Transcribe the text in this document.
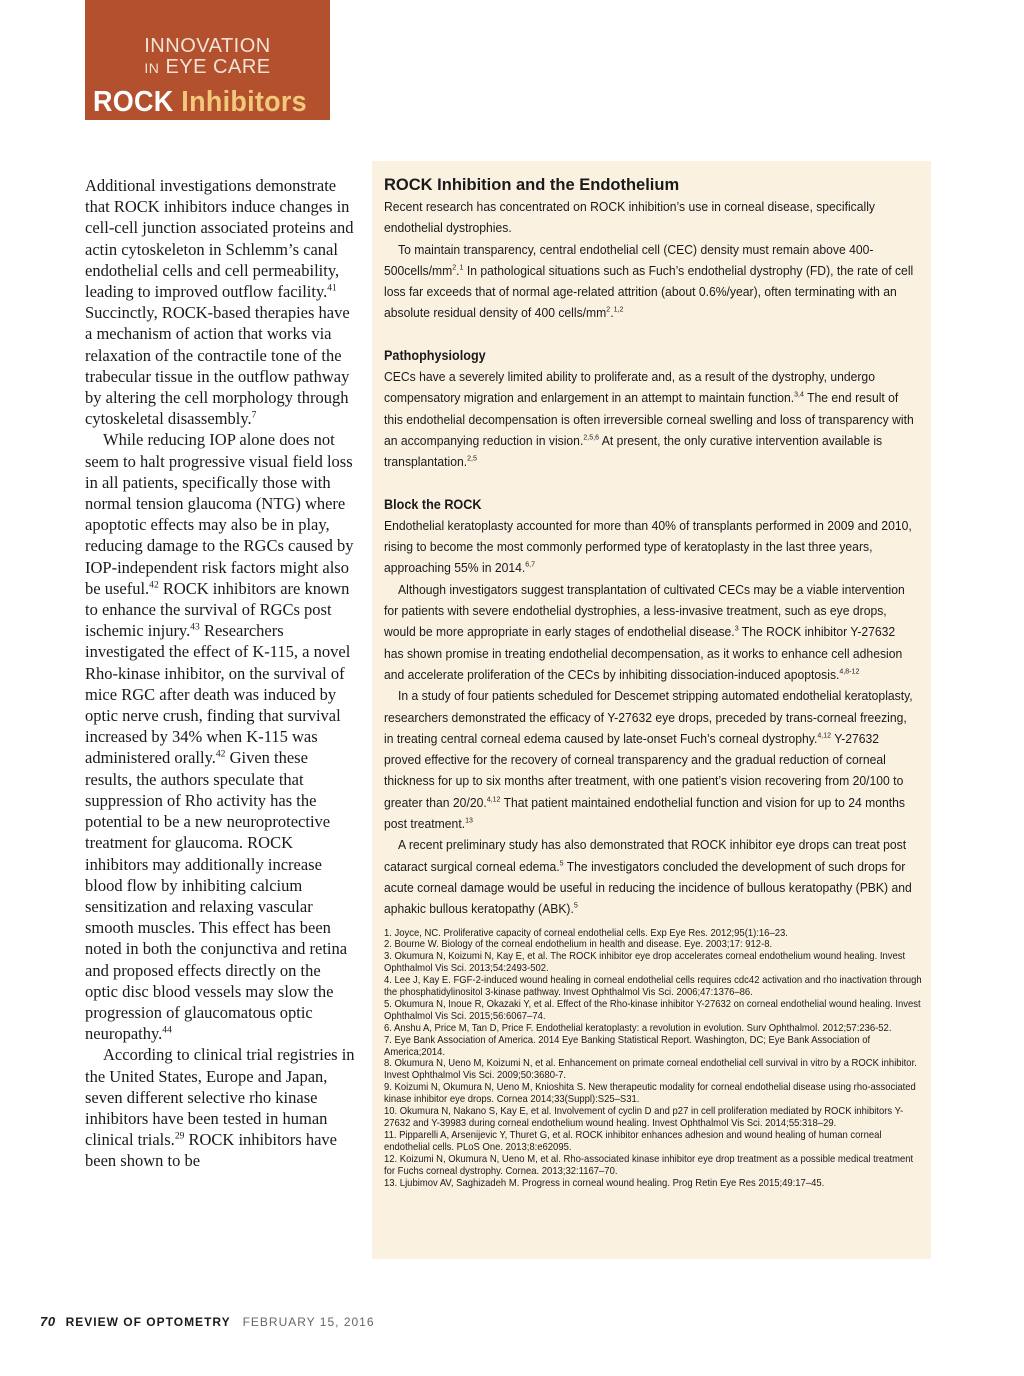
INNOVATION
IN EYE CARE
ROCK Inhibitors

Additional investigations demonstrate that ROCK inhibitors induce changes in cell-cell junction associated proteins and actin cytoskeleton in Schlemm’s canal endothelial cells and cell permeability, leading to improved outflow facility.$^{41}$ Succinctly, ROCK-based therapies have a mechanism of action that works via relaxation of the contractile tone of the trabecular tissue in the outflow pathway by altering the cell morphology through cytoskeletal disassembly.$^7$

While reducing IOP alone does not seem to halt progressive visual field loss in all patients, specifically those with normal tension glaucoma (NTG) where apoptotic effects may also be in play, reducing damage to the RGCs caused by IOP-independent risk factors might also be useful.$^{42}$ ROCK inhibitors are known to enhance the survival of RGCs post ischemic injury.$^{43}$ Researchers investigated the effect of K-115, a novel Rho-kinase inhibitor, on the survival of mice RGC after death was induced by optic nerve crush, finding that survival increased by 34% when K-115 was administered orally.$^{42}$ Given these results, the authors speculate that suppression of Rho activity has the potential to be a new neuroprotective treatment for glaucoma. ROCK inhibitors may additionally increase blood flow by inhibiting calcium sensitization and relaxing vascular smooth muscles. This effect has been noted in both the conjunctiva and retina and proposed effects directly on the optic disc blood vessels may slow the progression of glaucomatous optic neuropathy.$^{44}$

According to clinical trial registries in the United States, Europe and Japan, seven different selective rho kinase inhibitors have been tested in human clinical trials.$^{29}$ ROCK inhibitors have been shown to be

ROCK Inhibition and the Endothelium

Recent research has concentrated on ROCK inhibition’s use in corneal disease, specifically endothelial dystrophies.

To maintain transparency, central endothelial cell (CEC) density must remain above $400-500cells/mm^2.^1$ In pathological situations such as Fuch’s endothelial dystrophy (FD), the rate of cell loss far exceeds that of normal age-related attrition (about 0.6%/year), often terminating with an absolute residual density of 400 cells/$mm^2.^{1,2}$

Pathophysiology

CECs have a severely limited ability to proliferate and, as a result of the dystrophy, undergo compensatory migration and enlargement in an attempt to maintain function.$^{3,4}$ The end result of this endothelial decompensation is often irreversible corneal swelling and loss of transparency with an accompanying reduction in vision.$^{2,5,6}$ At present, the only curative intervention available is transplantation.$^{2,5}$

Block the ROCK

Endothelial keratoplasty accounted for more than 40% of transplants performed in 2009 and 2010, rising to become the most commonly performed type of keratoplasty in the last three years, approaching 55% in 2014.$^{6,7}$

Although investigators suggest transplantation of cultivated CECs may be a viable intervention for patients with severe endothelial dystrophies, a less-invasive treatment, such as eye drops, would be more appropriate in early stages of endothelial disease.$^3$ The ROCK inhibitor Y-27632 has shown promise in treating endothelial decompensation, as it works to enhance cell adhesion and accelerate proliferation of the CECs by inhibiting dissociation-induced apoptosis.$^{4,8-12}$

In a study of four patients scheduled for Descemet stripping automated endothelial keratoplasty, researchers demonstrated the efficacy of Y-27632 eye drops, preceded by trans-corneal freezing, in treating central corneal edema caused by late-onset Fuch’s corneal dystrophy.$^{4,12}$ Y-27632 proved effective for the recovery of corneal transparency and the gradual reduction of corneal thickness for up to six months after treatment, with one patient’s vision recovering from 20/100 to greater than 20/20.$^{4,12}$ That patient maintained endothelial function and vision for up to 24 months post treatment.$^{13}$

A recent preliminary study has also demonstrated that ROCK inhibitor eye drops can treat post cataract surgical corneal edema.$^5$ The investigators concluded the development of such drops for acute corneal damage would be useful in reducing the incidence of bullous keratopathy (PBK) and aphakic bullous keratopathy (ABK).$^5$

1. Joyce, NC. Proliferative capacity of corneal endothelial cells. Exp Eye Res. 2012;95(1):16–23.

2. Bourne W. Biology of the corneal endothelium in health and disease. Eye. 2003;17: 912-8.

3. Okumura N, Koizumi N, Kay E, et al. The ROCK inhibitor eye drop accelerates corneal endothelium wound healing. Invest Ophthalmol Vis Sci. 2013;54:2493-502.

4. Lee J, Kay E. FGF-2-induced wound healing in corneal endothelial cells requires cdc42 activation and rho inactivation through the phosphatidylinositol 3-kinase pathway. Invest Ophthalmol Vis Sci. 2006;47:1376–86.

5. Okumura N, Inoue R, Okazaki Y, et al. Effect of the Rho-kinase inhibitor Y-27632 on corneal endothelial wound healing. Invest Ophthalmol Vis Sci. 2015;56:6067–74.

6. Anshu A, Price M, Tan D, Price F. Endothelial keratoplasty: a revolution in evolution. Surv Ophthalmol. 2012;57:236-52.

7. Eye Bank Association of America. 2014 Eye Banking Statistical Report. Washington, DC; Eye Bank Association of America;2014.

8. Okumura N, Ueno M, Koizumi N, et al. Enhancement on primate corneal endothelial cell survival in vitro by a ROCK inhibitor. Invest Ophthalmol Vis Sci. 2009;50:3680-7.

9. Koizumi N, Okumura N, Ueno M, Knioshita S. New therapeutic modality for corneal endothelial disease using rho-associated kinase inhibitor eye drops. Cornea 2014;33(Suppl):S25–S31.

10. Okumura N, Nakano S, Kay E, et al. Involvement of cyclin D and p27 in cell proliferation mediated by ROCK inhibitors Y-27632 and Y-39983 during corneal endothelium wound healing. Invest Ophthalmol Vis Sci. 2014;55:318–29.

11. Pipparelli A, Arsenijevic Y, Thuret G, et al. ROCK inhibitor enhances adhesion and wound healing of human corneal endothelial cells. PLoS One. 2013;8:e62095.

12. Koizumi N, Okumura N, Ueno M, et al. Rho-associated kinase inhibitor eye drop treatment as a possible medical treatment for Fuchs corneal dystrophy. Cornea. 2013;32:1167–70.

13. Ljubimov AV, Saghizadeh M. Progress in corneal wound healing. Prog Retin Eye Res 2015;49:17–45.

70 REVIEW OF OPTOMETRY FEBRUARY 15, 2016
